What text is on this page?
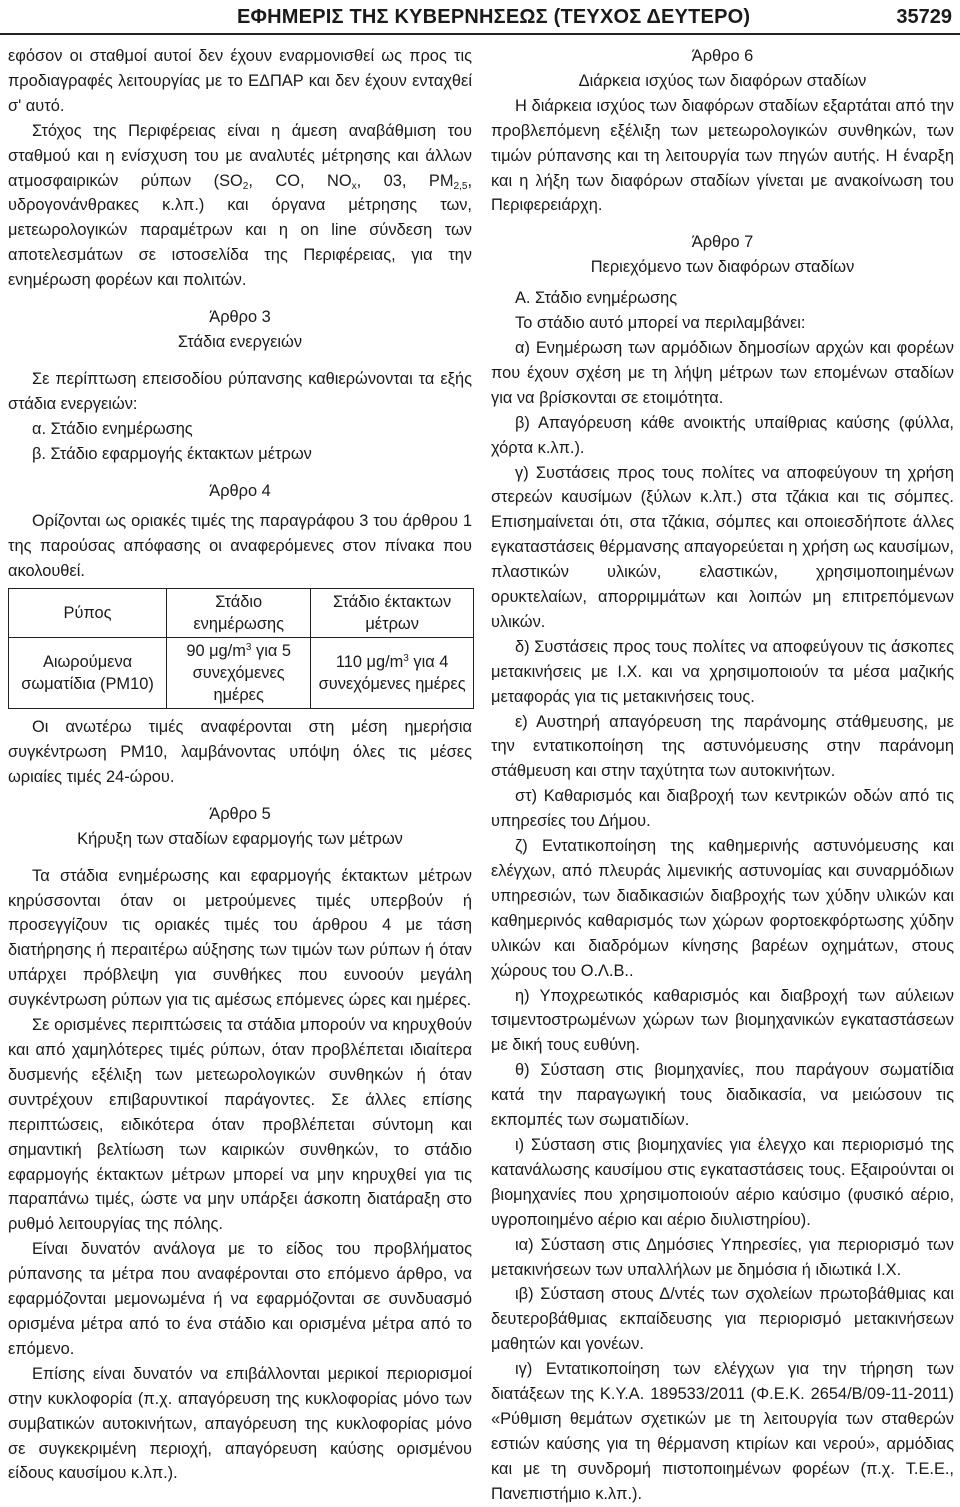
ΕΦΗΜΕΡΙΣ ΤΗΣ ΚΥΒΕΡΝΗΣΕΩΣ (ΤΕΥΧΟΣ ΔΕΥΤΕΡΟ)	35729

εφόσον οι σταθμοί αυτοί δεν έχουν εναρμονισθεί ως προς τις προδιαγραφές λειτουργίας με το ΕΔΠΑΡ και δεν έχουν ενταχθεί σ' αυτό.

Στόχος της Περιφέρειας είναι η άμεση αναβάθμιση του σταθμού και η ενίσχυση του με αναλυτές μέτρησης και άλλων ατμοσφαιρικών ρύπων ($SO_2$, CO, $NO_x$, 03, $PM_{2,5}$, υδρογονάνθρακες κ.λπ.) και όργανα μέτρησης των, μετεωρολογικών παραμέτρων και η on line σύνδεση των αποτελεσμάτων σε ιστοσελίδα της Περιφέρειας, για την ενημέρωση φορέων και πολιτών.

Άρθρο 3

Στάδια ενεργειών

Σε περίπτωση επεισοδίου ρύπανσης καθιερώνονται τα εξής στάδια ενεργειών:

α. Στάδιο ενημέρωσης

β. Στάδιο εφαρμογής έκτακτων μέτρων

Άρθρο 4

Ορίζονται ως οριακές τιμές της παραγράφου 3 του άρθρου 1 της παρούσας απόφασης οι αναφερόμενες στον πίνακα που ακολουθεί.

Ρύπος	Στάδιο ενημέρωσης	Στάδιο έκτακτων μέτρων
Αιωρούμενα σωματίδια (PM10)	90 $\mu g/m^3$ για 5 συνεχόμενες ημέρες	110 $\mu g/m^3$ για 4 συνεχόμενες ημέρες

Οι ανωτέρω τιμές αναφέρονται στη μέση ημερήσια συγκέντρωση PM10, λαμβάνοντας υπόψη όλες τις μέσες ωριαίες τιμές 24-ώρου.

Άρθρο 5

Κήρυξη των σταδίων εφαρμογής των μέτρων

Τα στάδια ενημέρωσης και εφαρμογής έκτακτων μέτρων κηρύσσονται όταν οι μετρούμενες τιμές υπερβούν ή προσεγγίζουν τις οριακές τιμές του άρθρου 4 με τάση διατήρησης ή περαιτέρω αύξησης των τιμών των ρύπων ή όταν υπάρχει πρόβλεψη για συνθήκες που ευνοούν μεγάλη συγκέντρωση ρύπων για τις αμέσως επόμενες ώρες και ημέρες.

Σε ορισμένες περιπτώσεις τα στάδια μπορούν να κηρυχθούν και από χαμηλότερες τιμές ρύπων, όταν προβλέπεται ιδιαίτερα δυσμενής εξέλιξη των μετεωρολογικών συνθηκών ή όταν συντρέχουν επιβαρυντικοί παράγοντες. Σε άλλες επίσης περιπτώσεις, ειδικότερα όταν προβλέπεται σύντομη και σημαντική βελτίωση των καιρικών συνθηκών, το στάδιο εφαρμογής έκτακτων μέτρων μπορεί να μην κηρυχθεί για τις παραπάνω τιμές, ώστε να μην υπάρξει άσκοπη διατάραξη στο ρυθμό λειτουργίας της πόλης.

Είναι δυνατόν ανάλογα με το είδος του προβλήματος ρύπανσης τα μέτρα που αναφέρονται στο επόμενο άρθρο, να εφαρμόζονται μεμονωμένα ή να εφαρμόζονται σε συνδυασμό ορισμένα μέτρα από το ένα στάδιο και ορισμένα μέτρα από το επόμενο.

Επίσης είναι δυνατόν να επιβάλλονται μερικοί περιορισμοί στην κυκλοφορία (π.χ. απαγόρευση της κυκλοφορίας μόνο των συμβατικών αυτοκινήτων, απαγόρευση της κυκλοφορίας μόνο σε συγκεκριμένη περιοχή, απαγόρευση καύσης ορισμένου είδους καυσίμου κ.λπ.).

Άρθρο 6

Διάρκεια ισχύος των διαφόρων σταδίων

Η διάρκεια ισχύος των διαφόρων σταδίων εξαρτάται από την προβλεπόμενη εξέλιξη των μετεωρολογικών συνθηκών, των τιμών ρύπανσης και τη λειτουργία των πηγών αυτής. Η έναρξη και η λήξη των διαφόρων σταδίων γίνεται με ανακοίνωση του Περιφερειάρχη.

Άρθρο 7

Περιεχόμενο των διαφόρων σταδίων

Α. Στάδιο ενημέρωσης

Το στάδιο αυτό μπορεί να περιλαμβάνει:

α) Ενημέρωση των αρμόδιων δημοσίων αρχών και φορέων που έχουν σχέση με τη λήψη μέτρων των επομένων σταδίων για να βρίσκονται σε ετοιμότητα.

β) Απαγόρευση κάθε ανοικτής υπαίθριας καύσης (φύλλα, χόρτα κ.λπ.).

γ) Συστάσεις προς τους πολίτες να αποφεύγουν τη χρήση στερεών καυσίμων (ξύλων κ.λπ.) στα τζάκια και τις σόμπες. Επισημαίνεται ότι, στα τζάκια, σόμπες και οποιεσδήποτε άλλες εγκαταστάσεις θέρμανσης απαγορεύεται η χρήση ως καυσίμων, πλαστικών υλικών, ελαστικών, χρησιμοποιημένων ορυκτελαίων, απορριμμάτων και λοιπών μη επιτρεπόμενων υλικών.

δ) Συστάσεις προς τους πολίτες να αποφεύγουν τις άσκοπες μετακινήσεις με Ι.Χ. και να χρησιμοποιούν τα μέσα μαζικής μεταφοράς για τις μετακινήσεις τους.

ε) Αυστηρή απαγόρευση της παράνομης στάθμευσης, με την εντατικοποίηση της αστυνόμευσης στην παράνομη στάθμευση και στην ταχύτητα των αυτοκινήτων.

στ) Καθαρισμός και διαβροχή των κεντρικών οδών από τις υπηρεσίες του Δήμου.

ζ) Εντατικοποίηση της καθημερινής αστυνόμευσης και ελέγχων, από πλευράς λιμενικής αστυνομίας και συναρμόδιων υπηρεσιών, των διαδικασιών διαβροχής των χύδην υλικών και καθημερινός καθαρισμός των χώρων φορτοεκφόρτωσης χύδην υλικών και διαδρόμων κίνησης βαρέων οχημάτων, στους χώρους του Ο.Λ.Β..

η) Υποχρεωτικός καθαρισμός και διαβροχή των αύλειων τσιμεντοστρωμένων χώρων των βιομηχανικών εγκαταστάσεων με δική τους ευθύνη.

θ) Σύσταση στις βιομηχανίες, που παράγουν σωματίδια κατά την παραγωγική τους διαδικασία, να μειώσουν τις εκπομπές των σωματιδίων.

ι) Σύσταση στις βιομηχανίες για έλεγχο και περιορισμό της κατανάλωσης καυσίμου στις εγκαταστάσεις τους. Εξαιρούνται οι βιομηχανίες που χρησιμοποιούν αέριο καύσιμο (φυσικό αέριο, υγροποιημένο αέριο και αέριο διυλιστηρίου).

ια) Σύσταση στις Δημόσιες Υπηρεσίες, για περιορισμό των μετακινήσεων των υπαλλήλων με δημόσια ή ιδιωτικά Ι.Χ.

ιβ) Σύσταση στους Δ/ντές των σχολείων πρωτοβάθμιας και δευτεροβάθμιας εκπαίδευσης για περιορισμό μετακινήσεων μαθητών και γονέων.

ιγ) Εντατικοποίηση των ελέγχων για την τήρηση των διατάξεων της Κ.Υ.Α. 189533/2011 (Φ.Ε.Κ. 2654/Β/09-11-2011) «Ρύθμιση θεμάτων σχετικών με τη λειτουργία των σταθερών εστιών καύσης για τη θέρμανση κτιρίων και νερού», αρμόδιας και με τη συνδρομή πιστοποιημένων φορέων (π.χ. Τ.Ε.Ε., Πανεπιστήμιο κ.λπ.).
